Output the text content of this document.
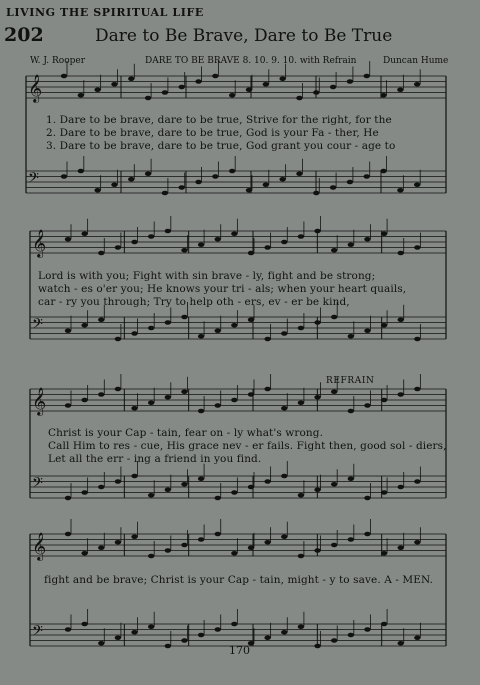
LIVING THE SPIRITUAL LIFE
202	Dare to Be Brave, Dare to Be True
W. J. Rooper	DARE TO BE BRAVE 8. 10. 9. 10. with Refrain	Duncan Hume
𝄞
𝄢
𝄞
𝄢
𝄞
𝄢
𝄞
𝄢
1. Dare to be brave, dare to be true, Strive for the right, for the
2. Dare to be brave, dare to be true, God is your Fa - ther, He
3. Dare to be brave, dare to be true, God grant you cour - age to
Lord is with you; Fight with sin brave - ly, fight and be strong;
watch - es o'er you; He knows your tri - als; when your heart quails,
car - ry you through; Try to help oth - ers, ev - er be kind,
REFRAIN
Christ is your Cap - tain, fear on - ly what's wrong.
Call Him to res - cue, His grace nev - er fails. Fight then, good sol - diers,
Let all the err - ing a friend in you find.
fight and be brave; Christ is your Cap - tain, might - y to save. A - MEN.
170
